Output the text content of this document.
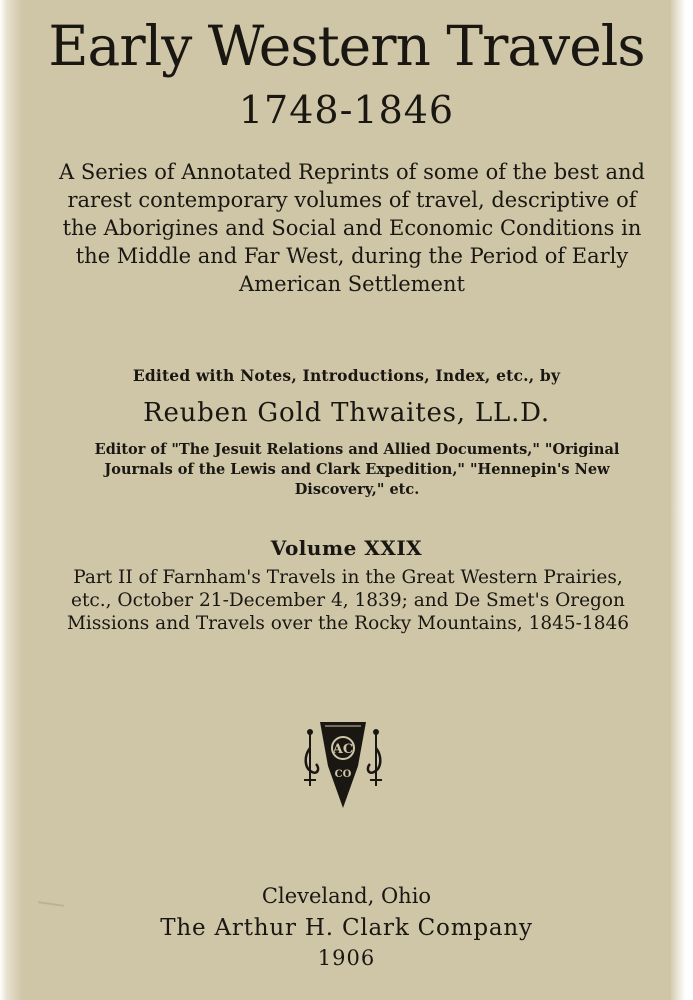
Early Western Travels
1748-1846

A Series of Annotated Reprints of some of the best and rarest contemporary volumes of travel, descriptive of the Aborigines and Social and Economic Conditions in the Middle and Far West, during the Period of Early American Settlement

Edited with Notes, Introductions, Index, etc., by
Reuben Gold Thwaites, LL.D.

Editor of "The Jesuit Relations and Allied Documents," "Original Journals of the Lewis and Clark Expedition," "Hennepin's New Discovery," etc.

Volume XXIX

Part II of Farnham's Travels in the Great Western Prairies, etc., October 21-December 4, 1839; and De Smet's Oregon Missions and Travels over the Rocky Mountains, 1845-1846

AC
CO
Cleveland, Ohio
The Arthur H. Clark Company
1906
